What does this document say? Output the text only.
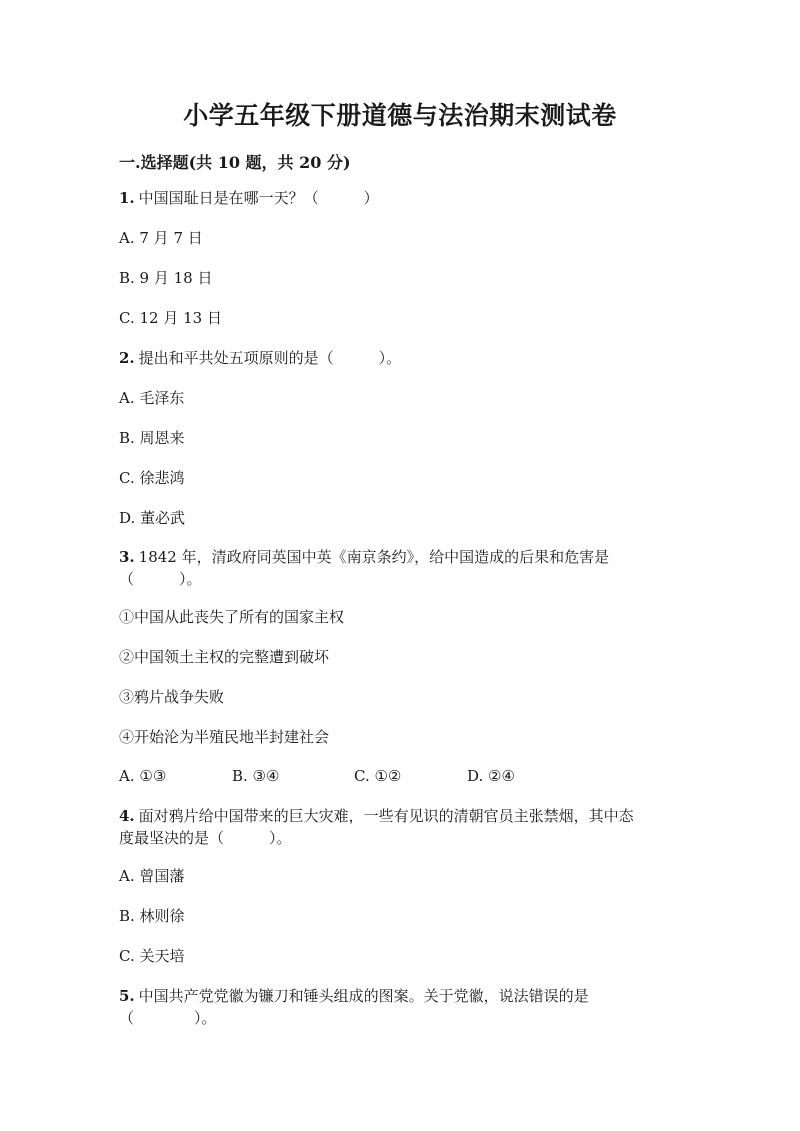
小学五年级下册道德与法治期末测试卷
一.选择题(共 10 题，共 20 分)
1. 中国国耻日是在哪一天？（　　　）
A. 7 月 7 日
B. 9 月 18 日
C. 12 月 13 日
2. 提出和平共处五项原则的是（　　　）。
A. 毛泽东
B. 周恩来
C. 徐悲鸿
D. 董必武
3. 1842 年，清政府同英国中英《南京条约》，给中国造成的后果和危害是
（　　　）。
①中国从此丧失了所有的国家主权
②中国领土主权的完整遭到破坏
③鸦片战争失败
④开始沦为半殖民地半封建社会
A. ①③	B. ③④	C. ①②	D. ②④
4. 面对鸦片给中国带来的巨大灾难，一些有见识的清朝官员主张禁烟，其中态
度最坚决的是（　　　）。
A. 曾国藩
B. 林则徐
C. 关天培
5. 中国共产党党徽为镰刀和锤头组成的图案。关于党徽，说法错误的是
（　　　　）。
